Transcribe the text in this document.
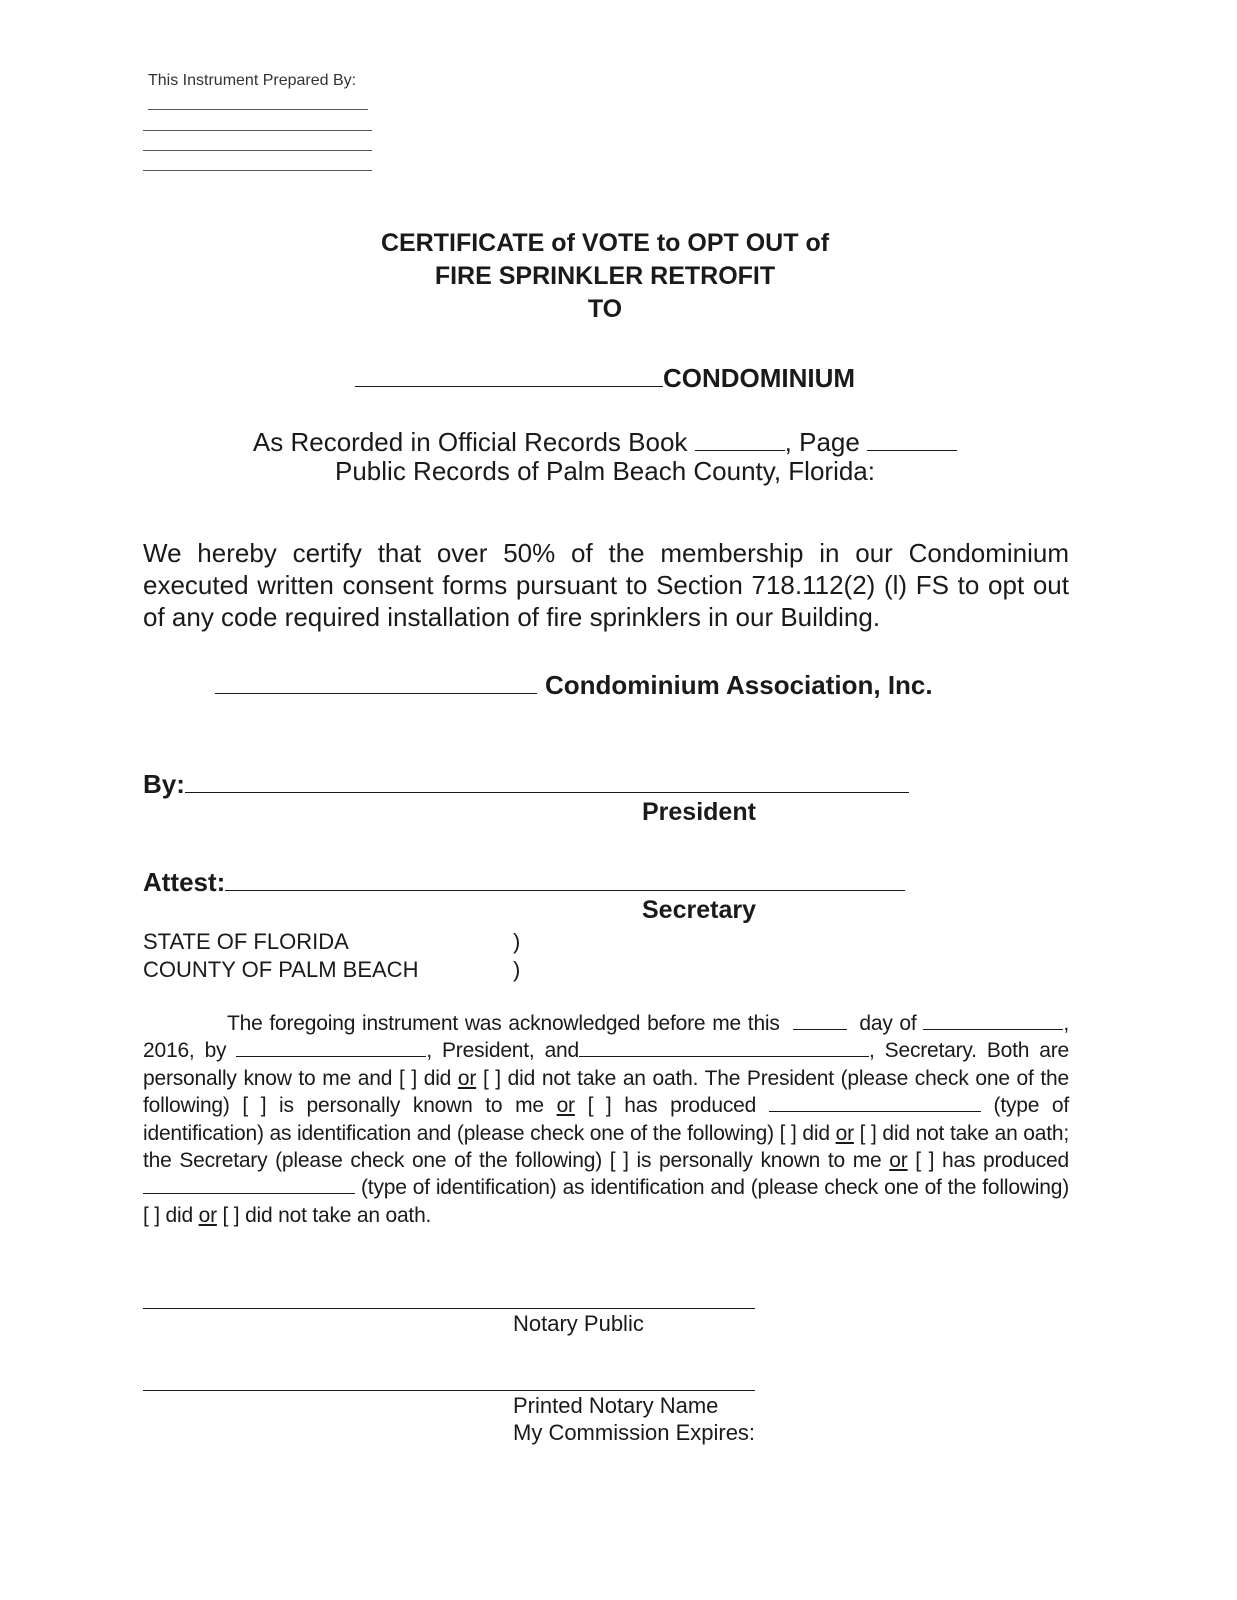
This Instrument Prepared By:
CERTIFICATE of VOTE to OPT OUT of
FIRE SPRINKLER RETROFIT
TO
CONDOMINIUM
As Recorded in Official Records Book	, Page
Public Records of Palm Beach County, Florida:
We hereby certify that over 50% of the membership in our Condominium executed written consent forms pursuant to Section 718.112(2) (l) FS to opt out of any code required installation of fire sprinklers in our Building.
Condominium Association, Inc.
By:
President
Attest:
Secretary
STATE OF FLORIDA	)
COUNTY OF PALM BEACH	)
The foregoing instrument was acknowledged before me this	day of	, 2016, by	, President, and	, Secretary. Both are personally know to me and [ ] did or [ ] did not take an oath. The President (please check one of the following) [ ] is personally known to me or [ ] has produced	(type of identification) as identification and (please check one of the following) [ ] did or [ ] did not take an oath; the Secretary (please check one of the following) [ ] is personally known to me or [ ] has produced  (type of identification) as identification and (please check one of the following) [ ] did or [ ] did not take an oath.
Notary Public
Printed Notary Name
My Commission Expires:
